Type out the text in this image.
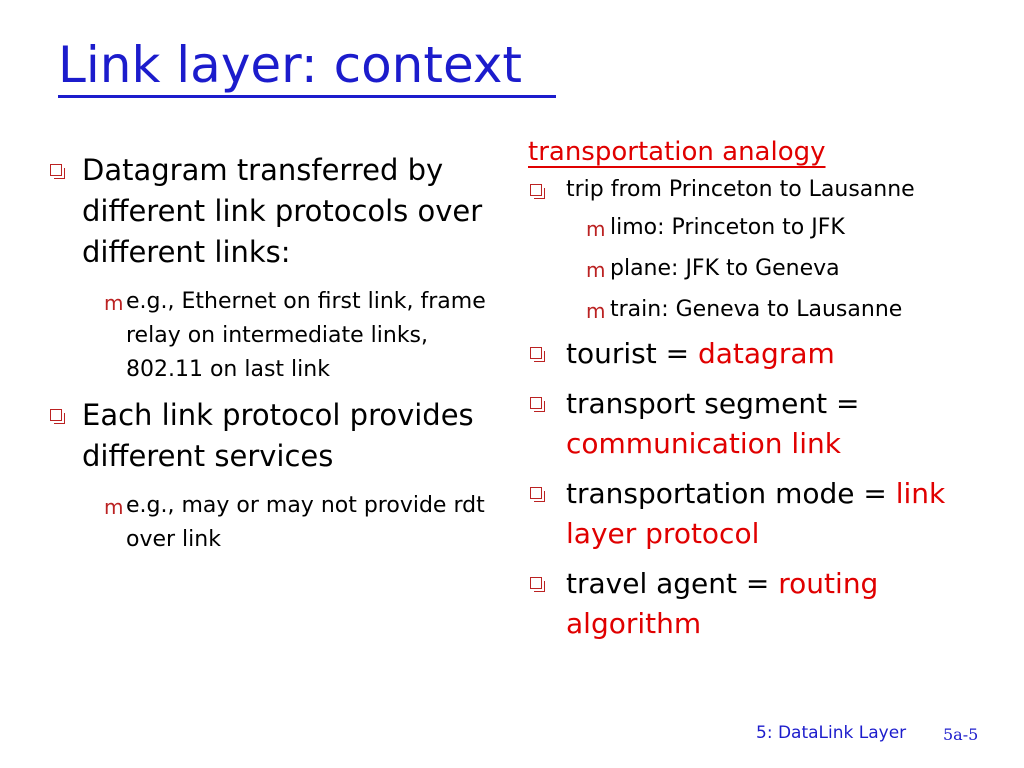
Link layer: context
Datagram transferred by different link protocols over different links:
m e.g., Ethernet on first link, frame relay on intermediate links, 802.11 on last link
Each link protocol provides different services
m e.g., may or may not provide rdt over link
transportation analogy
trip from Princeton to Lausanne
m limo: Princeton to JFK
m plane: JFK to Geneva
m train: Geneva to Lausanne
tourist = datagram
transport segment = communication link
transportation mode = link layer protocol
travel agent = routing algorithm
5: DataLink Layer 5a-5
